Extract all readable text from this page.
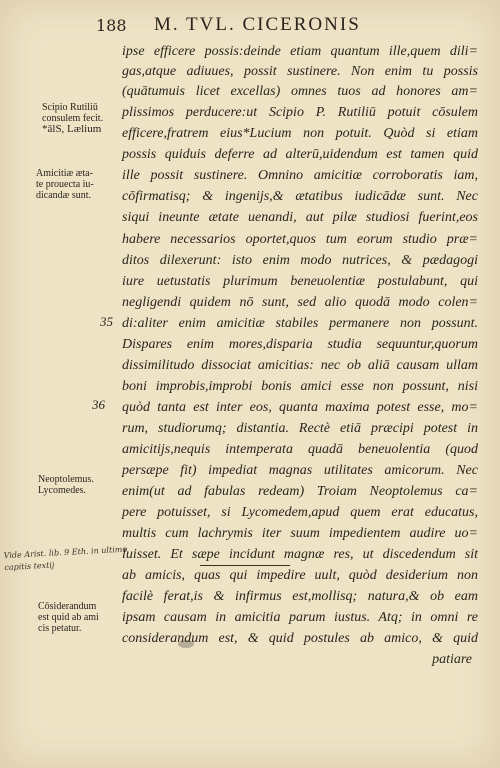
188 M. TVL. CICERONIS
Scipio Rutiliū
consulem fecit.
*ālS, Lælium
Amicitiæ æta-
te prouecta iu-
dicandæ sunt.
Neoptolemus.
Lycomedes.
Cōsiderandum
est quid ab ami
cis petatur.
35
36
Vide Arist. lib. 9 Eth. in ultimo
capitis textij
ipse efficere possis:deinde etiam quantum ille,quem dili=
gas,atque adiuues, possit sustinere. Non enim tu possis
(quātumuis licet excellas) omnes tuos ad honores am=
plissimos perducere:ut Scipio P. Rutiliū potuit cōsulem
efficere,fratrem eius*Lucium non potuit. Quòd si etiam
possis quiduis deferre ad alterū,uidendum est tamen quid
ille possit sustinere. Omnino amicitiæ corroboratis iam,
cōfirmatisq; & ingenijs,& ætatibus iudicādæ sunt. Nec
siqui ineunte ætate uenandi, aut pilæ studiosi fuerint,eos
habere necessarios oportet,quos tum eorum studio præ=
ditos dilexerunt: isto enim modo nutrices, & pædagogi
iure uetustatis plurimum beneuolentiæ postulabunt, qui
negligendi quidem nō sunt, sed alio quodā modo colen=
di:aliter enim amicitiæ stabiles permanere non possunt.
Dispares enim mores,disparia studia sequuntur,quorum
dissimilitudo dissociat amicitias: nec ob aliā causam ullam
boni improbis,improbi bonis amici esse non possunt, nisi
quòd tanta est inter eos, quanta maxima potest esse, mo=
rum, studiorumq; distantia. Rectè etiā præcipi potest in
amicitijs,nequis intemperata quadā beneuolentia (quod
persæpe fit) impediat magnas utilitates amicorum. Nec
enim(ut ad fabulas redeam) Troiam Neoptolemus ca=
pere potuisset, si Lycomedem,apud quem erat educatus,
multis cum lachrymis iter suum impedientem audire uo=
luisset. Et sæpe incidunt magnæ res, ut discedendum sit
ab amicis, quas qui impedire uult, quòd desiderium non
facilè ferat,is & infirmus est,mollisq; natura,& ob eam
ipsam causam in amicitia parum iustus. Atq; in omni re
considerandum est, & quid postules ab amico, & quid
patiare
